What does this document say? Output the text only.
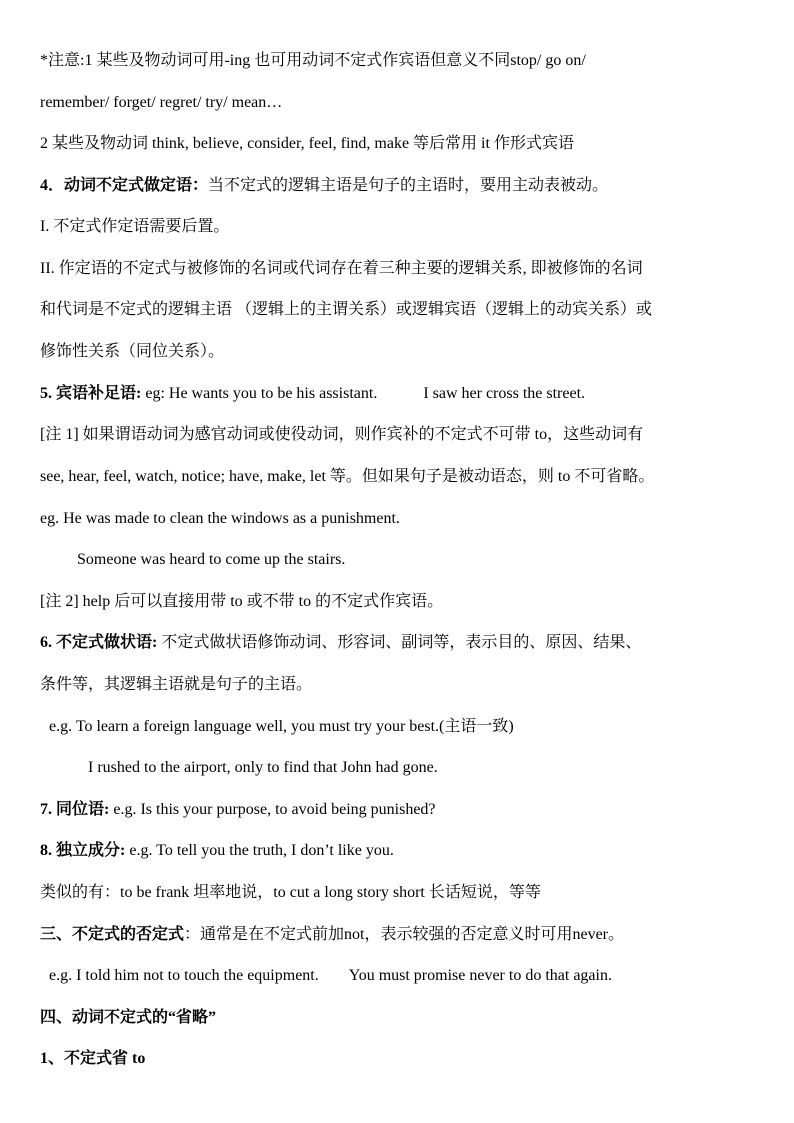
*注意:1 某些及物动词可用-ing 也可用动词不定式作宾语但意义不同stop/ go on/
remember/ forget/ regret/ try/ mean…
2 某些及物动词 think, believe, consider, feel, find, make 等后常用 it 作形式宾语
4．动词不定式做定语：当不定式的逻辑主语是句子的主语时，要用主动表被动。
I. 不定式作定语需要后置。
II. 作定语的不定式与被修饰的名词或代词存在着三种主要的逻辑关系, 即被修饰的名词
和代词是不定式的逻辑主语 （逻辑上的主谓关系）或逻辑宾语（逻辑上的动宾关系）或
修饰性关系（同位关系）。
5. 宾语补足语: eg: He wants you to be his assistant.	I saw her cross the street.
[注 1] 如果谓语动词为感官动词或使役动词，则作宾补的不定式不可带 to，这些动词有
see, hear, feel, watch, notice; have, make, let 等。但如果句子是被动语态，则 to 不可省略。
eg. He was made to clean the windows as a punishment.
Someone was heard to come up the stairs.
[注 2] help 后可以直接用带 to 或不带 to 的不定式作宾语。
6. 不定式做状语: 不定式做状语修饰动词、形容词、副词等，表示目的、原因、结果、
条件等，其逻辑主语就是句子的主语。
e.g. To learn a foreign language well, you must try your best.(主语一致)
I rushed to the airport, only to find that John had gone.
7. 同位语: e.g. Is this your purpose, to avoid being punished?
8. 独立成分: e.g. To tell you the truth, I don’t like you.
类似的有：to be frank 坦率地说，to cut a long story short 长话短说，等等
三、不定式的否定式：通常是在不定式前加not，表示较强的否定意义时可用never。
e.g. I told him not to touch the equipment. You must promise never to do that again.
四、动词不定式的“省略”
1、不定式省 to
